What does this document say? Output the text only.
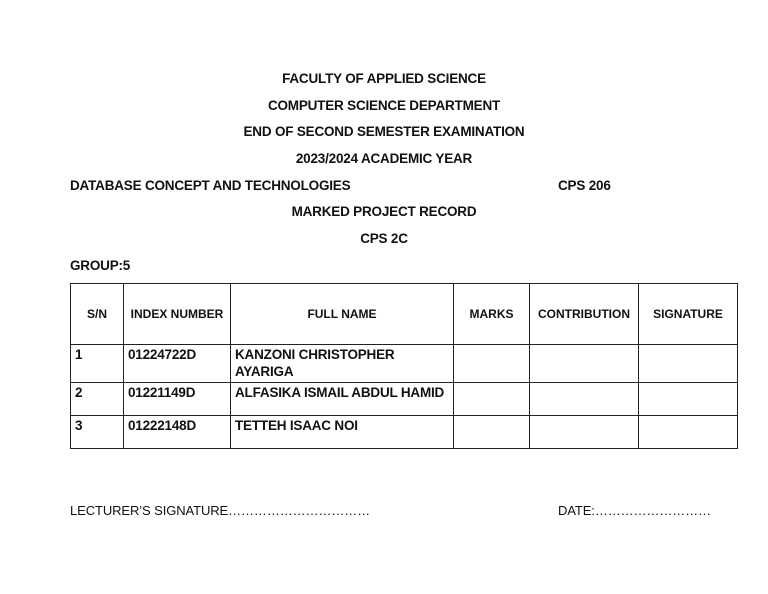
FACULTY OF APPLIED SCIENCE
COMPUTER SCIENCE DEPARTMENT
END OF SECOND SEMESTER EXAMINATION
2023/2024 ACADEMIC YEAR
DATABASE CONCEPT AND TECHNOLOGIES	CPS 206
MARKED PROJECT RECORD
CPS 2C
GROUP:5
S/N	INDEX NUMBER	FULL NAME	MARKS	CONTRIBUTION	SIGNATURE
1	01224722D	KANZONI CHRISTOPHER AYARIGA			
2	01221149D	ALFASIKA ISMAIL ABDUL HAMID			
3	01222148D	TETTEH ISAAC NOI			
LECTURER’S SIGNATURE……………………………	DATE:………………………
